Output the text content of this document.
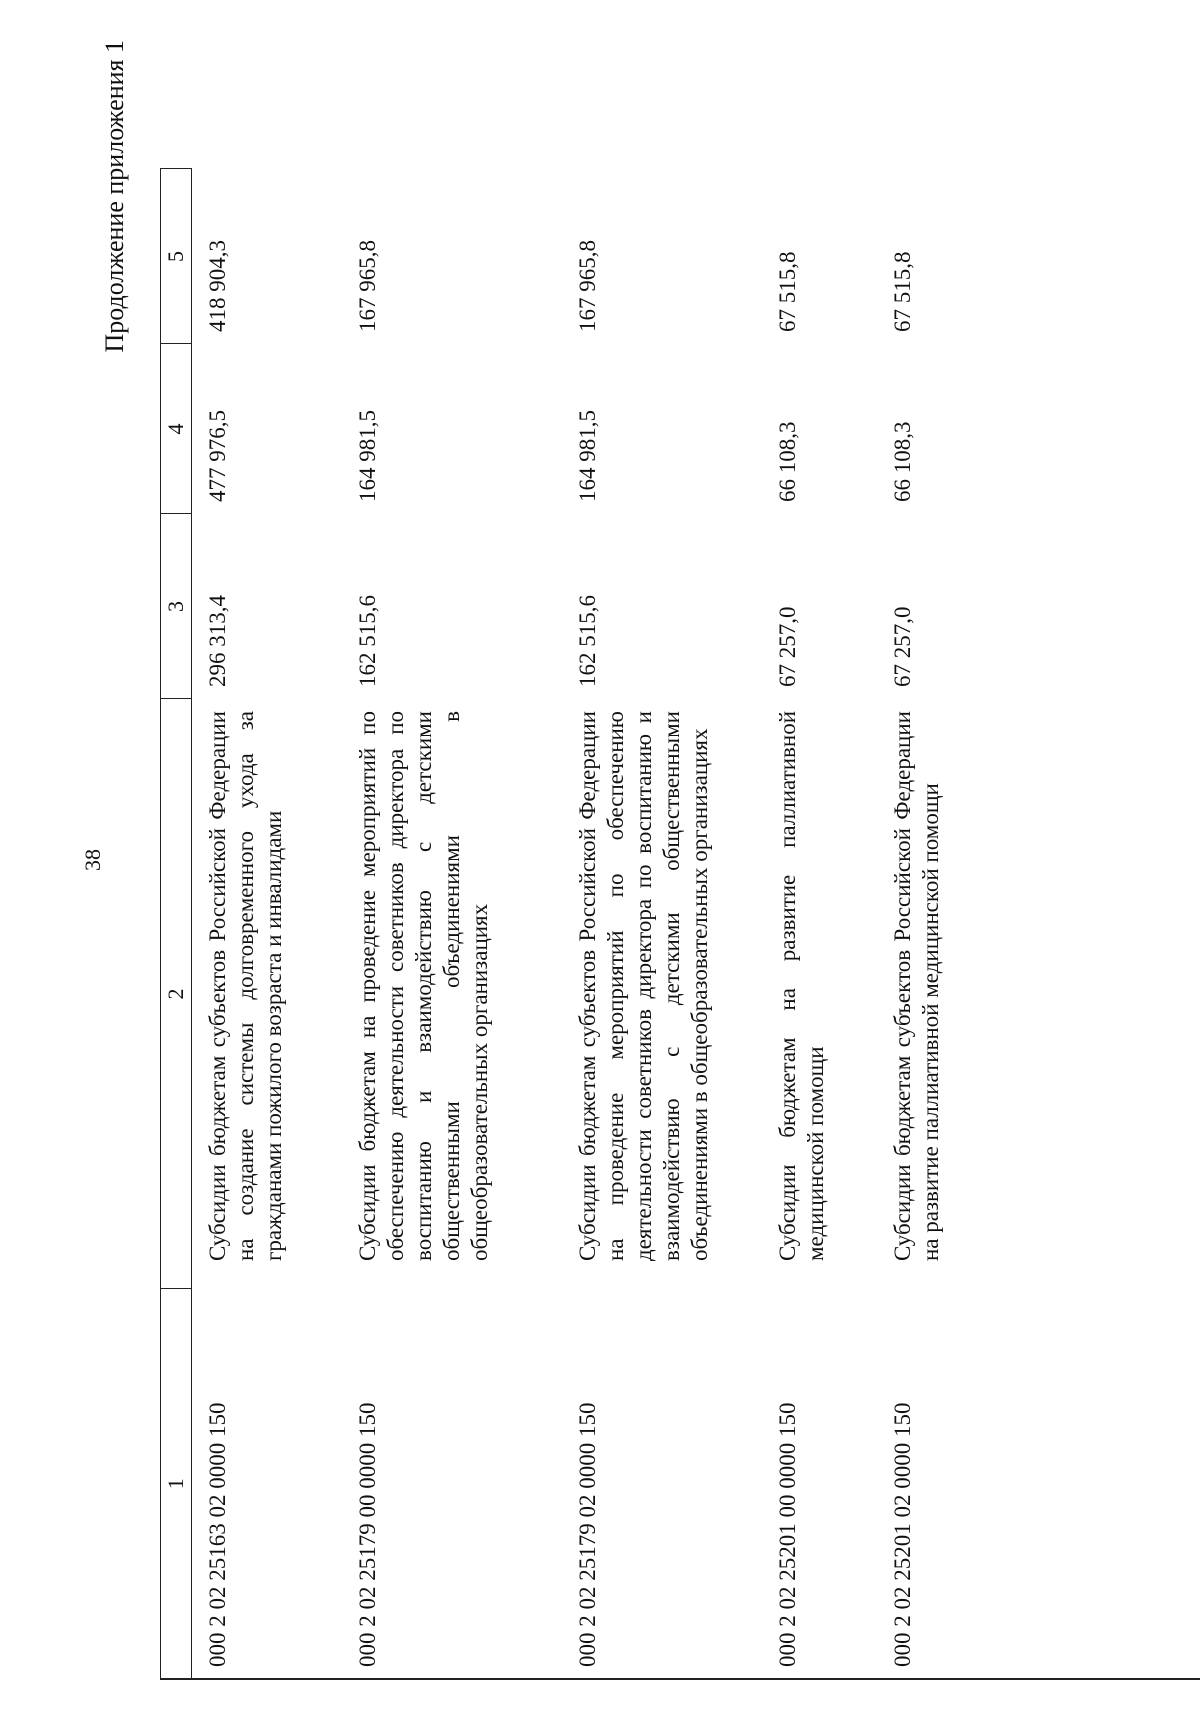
38
Продолжение приложения 1
1	2	3	4	5
000 2 02 25163 02 0000 150	Субсидии бюджетам субъектов Российской Федерации на создание системы долговременного ухода за гражданами пожилого возраста и инвалидами	296 313,4	477 976,5	418 904,3
000 2 02 25179 00 0000 150	Субсидии бюджетам на проведение мероприятий по обеспечению деятельности советников директора по воспитанию и взаимодействию с детскими общественными объединениями в общеобразовательных организациях	162 515,6	164 981,5	167 965,8
000 2 02 25179 02 0000 150	Субсидии бюджетам субъектов Российской Федерации на проведение мероприятий по обеспечению деятельности советников директора по воспитанию и взаимодействию с детскими общественными объединениями в общеобразовательных организациях	162 515,6	164 981,5	167 965,8
000 2 02 25201 00 0000 150	Субсидии бюджетам на развитие паллиативной медицинской помощи	67 257,0	66 108,3	67 515,8
000 2 02 25201 02 0000 150	Субсидии бюджетам субъектов Российской Федерации на развитие паллиативной медицинской помощи	67 257,0	66 108,3	67 515,8
